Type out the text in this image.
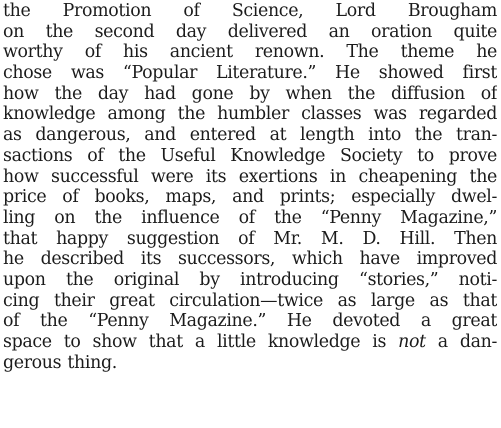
the Promotion of Science, Lord Brougham
on the second day delivered an oration quite
worthy of his ancient renown. The theme he
chose was “Popular Literature.” He showed first
how the day had gone by when the diffusion of
knowledge among the humbler classes was regarded
as dangerous, and entered at length into the tran-
sactions of the Useful Knowledge Society to prove
how successful were its exertions in cheapening the
price of books, maps, and prints; especially dwel-
ling on the influence of the “Penny Magazine,”
that happy suggestion of Mr. M. D. Hill. Then
he described its successors, which have improved
upon the original by introducing “stories,” noti-
cing their great circulation—twice as large as that
of the “Penny Magazine.” He devoted a great
space to show that a little knowledge is not a dan-
gerous thing.
